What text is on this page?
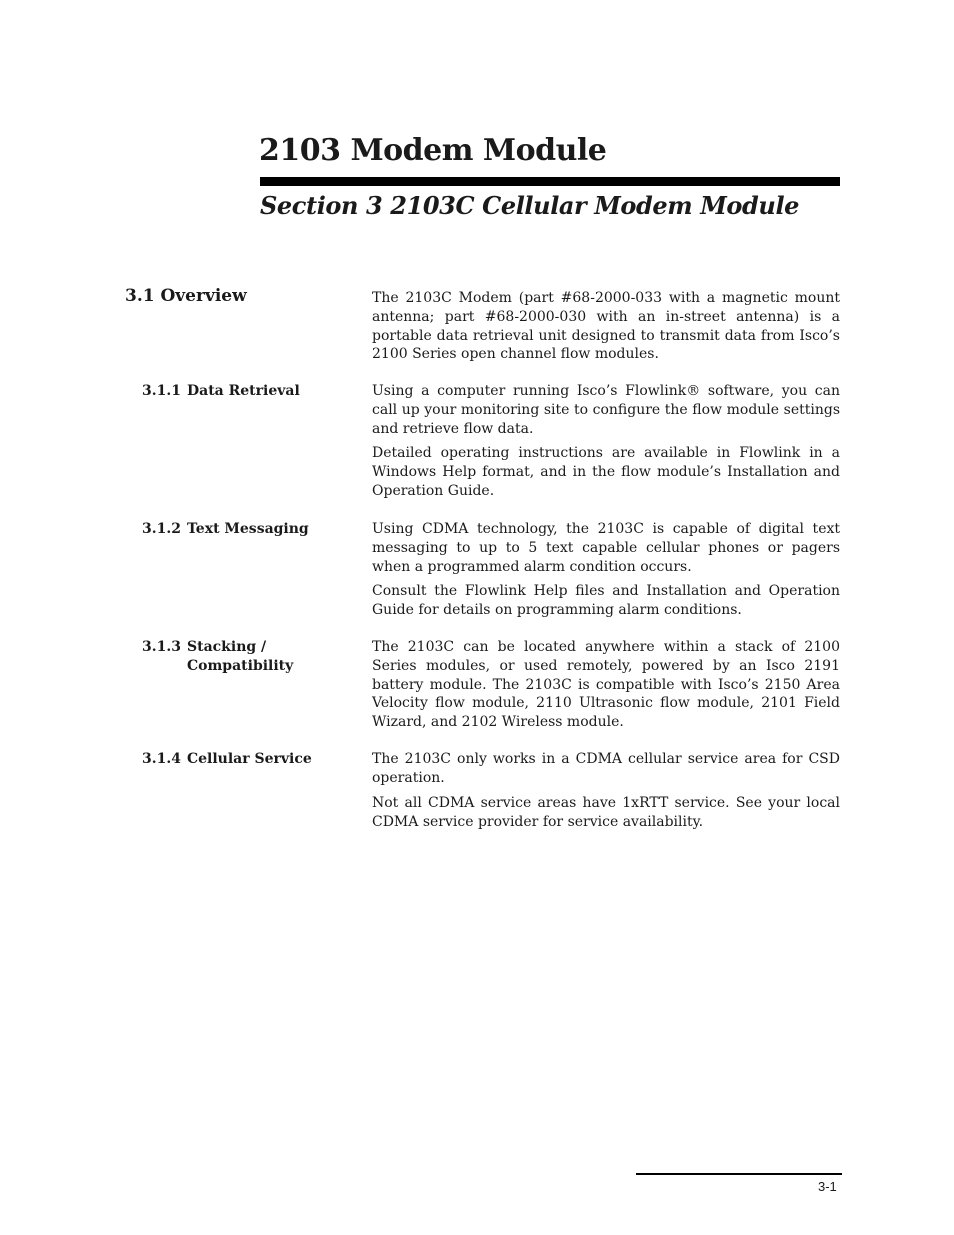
2103 Modem Module
Section 3 2103C Cellular Modem Module
3.1 Overview	The 2103C Modem (part #68-2000-033 with a magnetic mount antenna; part #68-2000-030 with an in-street antenna) is a portable data retrieval unit designed to transmit data from Isco’s 2100 Series open channel flow modules.

3.1.1 Data Retrieval	Using a computer running Isco’s Flowlink® software, you can call up your monitoring site to configure the flow module settings and retrieve flow data.

Detailed operating instructions are available in Flowlink in a Windows Help format, and in the flow module’s Installation and Operation Guide.

3.1.2 Text Messaging	Using CDMA technology, the 2103C is capable of digital text messaging to up to 5 text capable cellular phones or pagers when a programmed alarm condition occurs.

Consult the Flowlink Help files and Installation and Operation Guide for details on programming alarm conditions.

3.1.3 Stacking /
Compatibility

The 2103C can be located anywhere within a stack of 2100 Series modules, or used remotely, powered by an Isco 2191 battery module. The 2103C is compatible with Isco’s 2150 Area Velocity flow module, 2110 Ultrasonic flow module, 2101 Field Wizard, and 2102 Wireless module.

3.1.4 Cellular Service	The 2103C only works in a CDMA cellular service area for CSD operation.

Not all CDMA service areas have 1xRTT service. See your local CDMA service provider for service availability.

3-1
